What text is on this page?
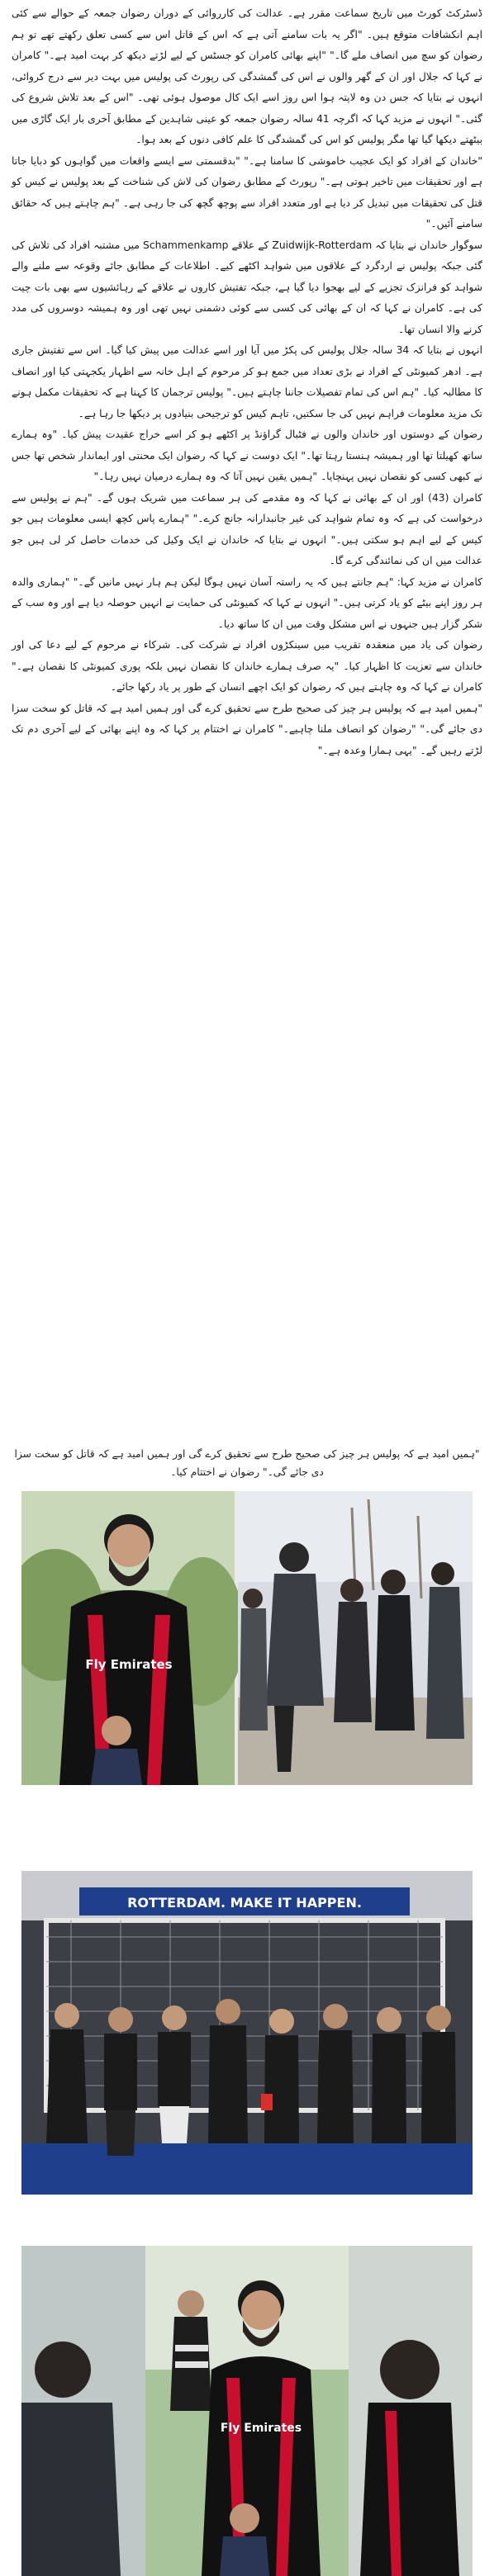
ڈسٹرکٹ کورٹ میں تاریخ سماعت مقرر ہے۔ عدالت کی کارروائی کے دوران رضوان جمعہ کے حوالے سے کئی اہم انکشافات متوقع ہیں۔ "اگر یہ بات سامنے آتی ہے کہ اس کے قاتل اس سے کسی تعلق رکھتے تھے تو ہم رضوان کو سچ میں انصاف ملے گا۔" "اپنے بھائی کامران کو جسٹس کے لیے لڑتے دیکھ کر بہت امید ہے۔" کامران نے کہا کہ جلال اور ان کے گھر والوں نے اس کی گمشدگی کی رپورٹ کی پولیس میں بہت دیر سے درج کروائی، انہوں نے بتایا کہ جس دن وہ لاپتہ ہوا اس روز اسے ایک کال موصول ہوئی تھی۔ "اس کے بعد تلاش شروع کی گئی۔" انہوں نے مزید کہا کہ اگرچہ 41 سالہ رضوان جمعہ کو عینی شاہدین کے مطابق آخری بار ایک گاڑی میں بیٹھتے دیکھا گیا تھا مگر پولیس کو اس کی گمشدگی کا علم کافی دنوں کے بعد ہوا۔

"خاندان کے افراد کو ایک عجیب خاموشی کا سامنا ہے۔" "بدقسمتی سے ایسے واقعات میں گواہوں کو دبایا جاتا ہے اور تحقیقات میں تاخیر ہوتی ہے۔" رپورٹ کے مطابق رضوان کی لاش کی شناخت کے بعد پولیس نے کیس کو قتل کی تحقیقات میں تبدیل کر دیا ہے اور متعدد افراد سے پوچھ گچھ کی جا رہی ہے۔ "ہم چاہتے ہیں کہ حقائق سامنے آئیں۔"

سوگوار خاندان نے بتایا کہ Zuidwijk-Rotterdam کے علاقے Schammenkamp میں مشتبہ افراد کی تلاش کی گئی جبکہ پولیس نے اردگرد کے علاقوں میں شواہد اکٹھے کیے۔ اطلاعات کے مطابق جائے وقوعہ سے ملنے والے شواہد کو فرانزک تجزیے کے لیے بھجوا دیا گیا ہے، جبکہ تفتیش کاروں نے علاقے کے رہائشیوں سے بھی بات چیت کی ہے۔ کامران نے کہا کہ ان کے بھائی کی کسی سے کوئی دشمنی نہیں تھی اور وہ ہمیشہ دوسروں کی مدد کرنے والا انسان تھا۔

انہوں نے بتایا کہ 34 سالہ جلال پولیس کی پکڑ میں آیا اور اسے عدالت میں پیش کیا گیا۔ اس سے تفتیش جاری ہے۔ ادھر کمیونٹی کے افراد نے بڑی تعداد میں جمع ہو کر مرحوم کے اہل خانہ سے اظہار یکجہتی کیا اور انصاف کا مطالبہ کیا۔ "ہم اس کی تمام تفصیلات جاننا چاہتے ہیں۔" پولیس ترجمان کا کہنا ہے کہ تحقیقات مکمل ہونے تک مزید معلومات فراہم نہیں کی جا سکتیں، تاہم کیس کو ترجیحی بنیادوں پر دیکھا جا رہا ہے۔

رضوان کے دوستوں اور خاندان والوں نے فٹبال گراؤنڈ پر اکٹھے ہو کر اسے خراج عقیدت پیش کیا۔ "وہ ہمارے ساتھ کھیلتا تھا اور ہمیشہ ہنستا رہتا تھا۔" ایک دوست نے کہا کہ رضوان ایک محنتی اور ایماندار شخص تھا جس نے کبھی کسی کو نقصان نہیں پہنچایا۔ "ہمیں یقین نہیں آتا کہ وہ ہمارے درمیان نہیں رہا۔"

کامران (43) اور ان کے بھائی نے کہا کہ وہ مقدمے کی ہر سماعت میں شریک ہوں گے۔ "ہم نے پولیس سے درخواست کی ہے کہ وہ تمام شواہد کی غیر جانبدارانہ جانچ کرے۔" "ہمارے پاس کچھ ایسی معلومات ہیں جو کیس کے لیے اہم ہو سکتی ہیں۔" انہوں نے بتایا کہ خاندان نے ایک وکیل کی خدمات حاصل کر لی ہیں جو عدالت میں ان کی نمائندگی کرے گا۔

کامران نے مزید کہا: "ہم جانتے ہیں کہ یہ راستہ آسان نہیں ہوگا لیکن ہم ہار نہیں مانیں گے۔" "ہماری والدہ ہر روز اپنے بیٹے کو یاد کرتی ہیں۔" انہوں نے کہا کہ کمیونٹی کی حمایت نے انہیں حوصلہ دیا ہے اور وہ سب کے شکر گزار ہیں جنہوں نے اس مشکل وقت میں ان کا ساتھ دیا۔

رضوان کی یاد میں منعقدہ تقریب میں سینکڑوں افراد نے شرکت کی۔ شرکاء نے مرحوم کے لیے دعا کی اور خاندان سے تعزیت کا اظہار کیا۔ "یہ صرف ہمارے خاندان کا نقصان نہیں بلکہ پوری کمیونٹی کا نقصان ہے۔" کامران نے کہا کہ وہ چاہتے ہیں کہ رضوان کو ایک اچھے انسان کے طور پر یاد رکھا جائے۔

"ہمیں امید ہے کہ پولیس ہر چیز کی صحیح طرح سے تحقیق کرے گی اور ہمیں امید ہے کہ قاتل کو سخت سزا دی جائے گی۔" "رضوان کو انصاف ملنا چاہیے۔" کامران نے اختتام پر کہا کہ وہ اپنے بھائی کے لیے آخری دم تک لڑتے رہیں گے۔ "یہی ہمارا وعدہ ہے۔"

"ہمیں امید ہے کہ پولیس ہر چیز کی صحیح طرح سے تحقیق کرے گی اور ہمیں امید ہے کہ قاتل کو سخت سزا دی جائے گی۔" رضوان نے اختتام کیا۔
Fly Emirates
ROTTERDAM. MAKE IT HAPPEN.
Fly Emirates
